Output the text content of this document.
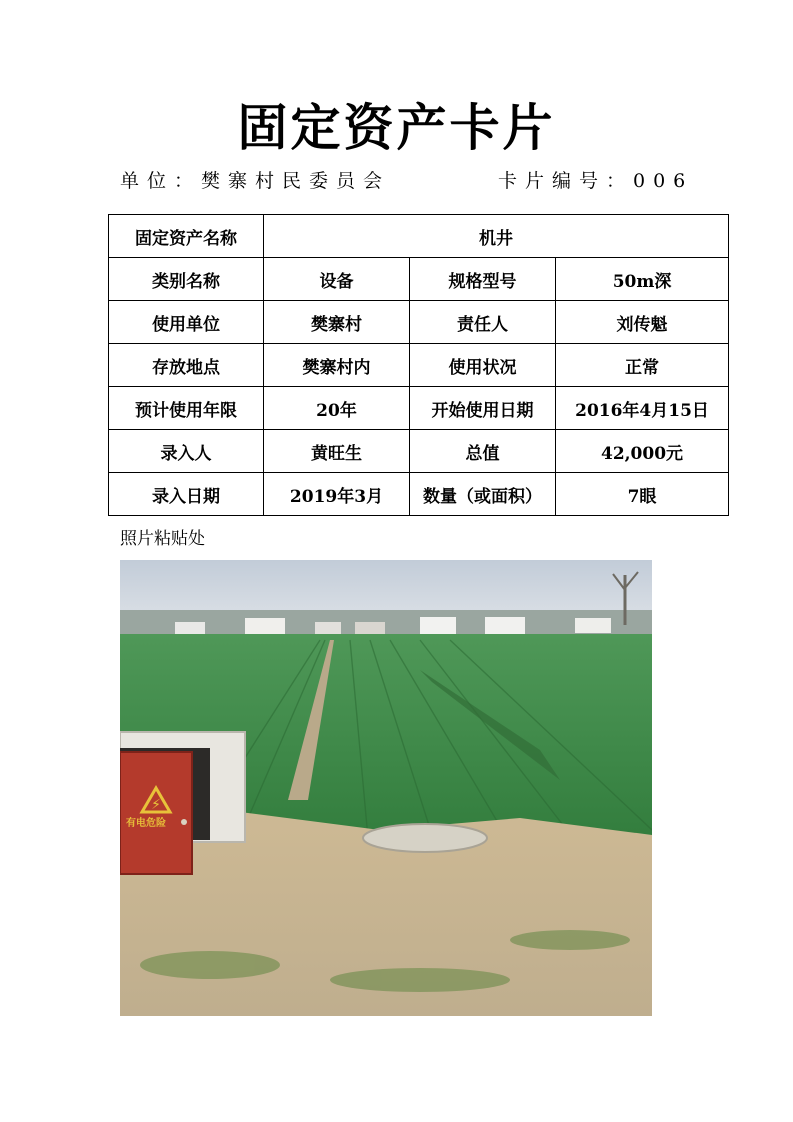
固定资产卡片
单位：樊寨村民委员会	卡片编号：006
固定资产名称	机井		
类别名称	设备	规格型号	50m深
使用单位	樊寨村	责任人	刘传魁
存放地点	樊寨村内	使用状况	正常
预计使用年限	20年	开始使用日期	2016年4月15日
录入人	黄旺生	总值	42,000元
录入日期	2019年3月	数量（或面积）	7眼
照片粘贴处
⚡
有电危险
